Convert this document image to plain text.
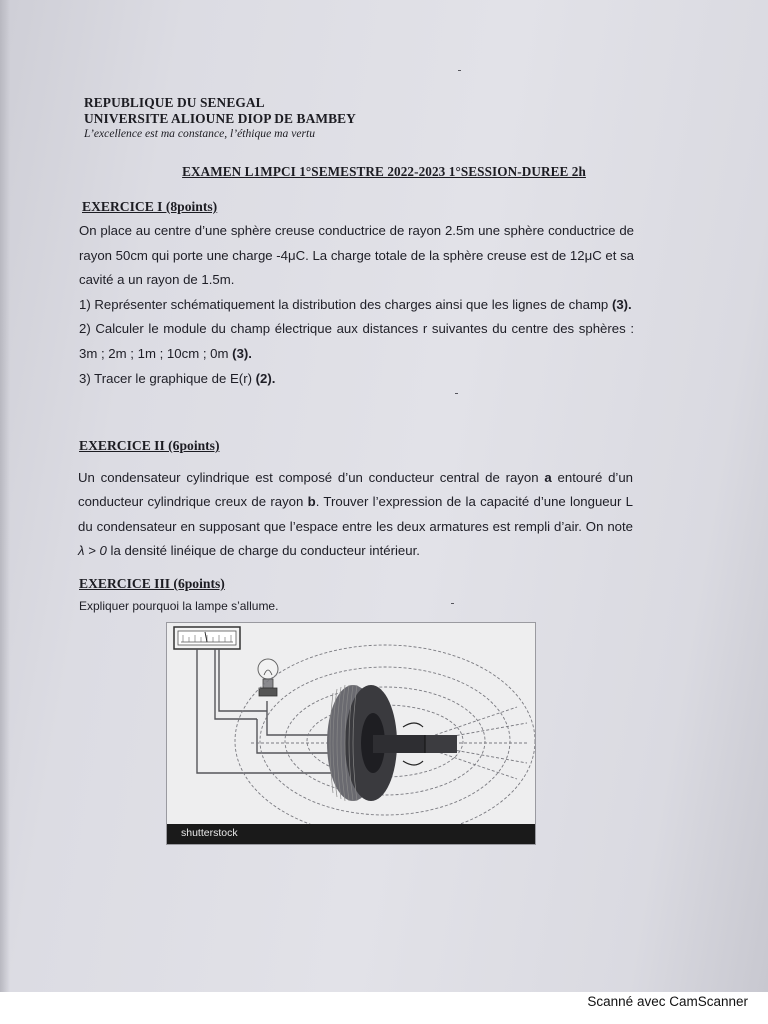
REPUBLIQUE DU SENEGAL
UNIVERSITE ALIOUNE DIOP DE BAMBEY
L’excellence est ma constance, l’éthique ma vertu
EXAMEN L1MPCI 1°SEMESTRE 2022-2023 1°SESSION-DUREE 2h
EXERCICE I (8points)

On place au centre d’une sphère creuse conductrice de rayon 2.5m une sphère conductrice de rayon 50cm qui porte une charge -4μC. La charge totale de la sphère creuse est de 12μC et sa cavité a un rayon de 1.5m.

1) Représenter schématiquement la distribution des charges ainsi que les lignes de champ (3).

2) Calculer le module du champ électrique aux distances r suivantes du centre des sphères : 3m ; 2m ; 1m ; 10cm ; 0m (3).

3) Tracer le graphique de E(r) (2).

EXERCICE II (6points)

Un condensateur cylindrique est composé d’un conducteur central de rayon a entouré d’un conducteur cylindrique creux de rayon b. Trouver l’expression de la capacité d’une longueur L du condensateur en supposant que l’espace entre les deux armatures est rempli d’air. On note λ > 0 la densité linéique de charge du conducteur intérieur.

EXERCICE III (6points)
Expliquer pourquoi la lampe s’allume.
shutterstock
Scanné avec CamScanner
